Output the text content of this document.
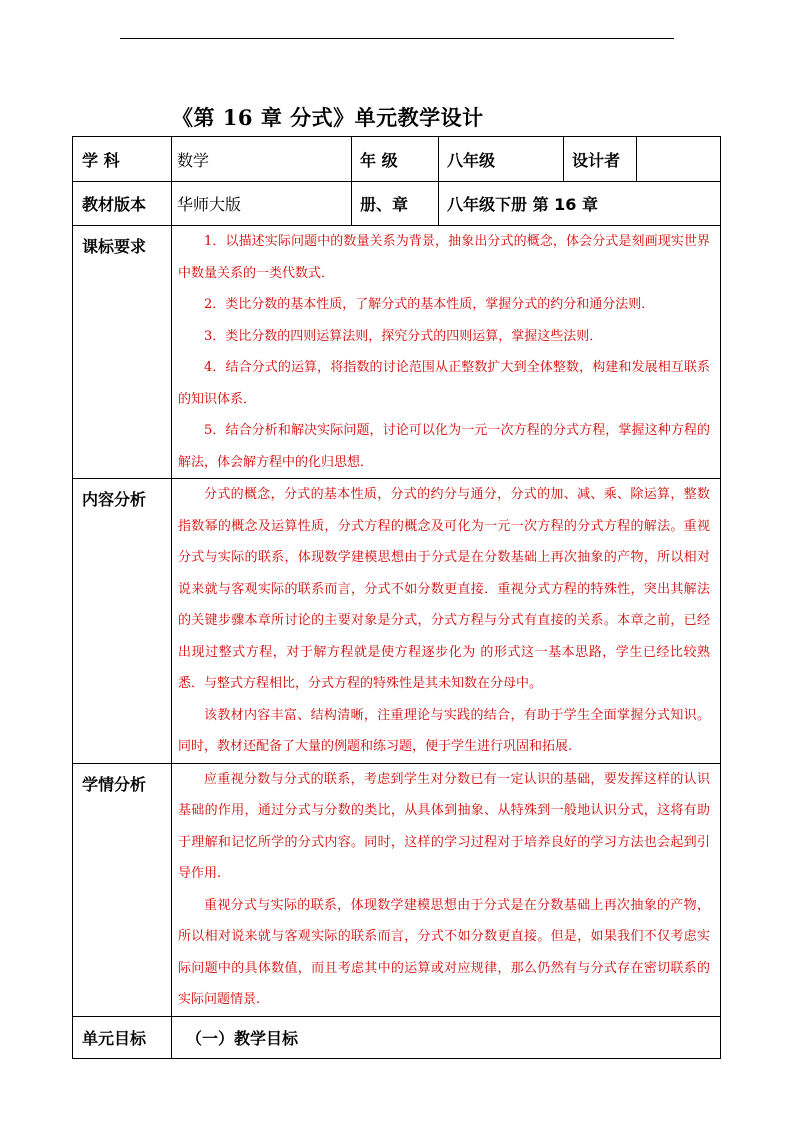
《第 16 章 分式》单元教学设计
学 科	数学	年 级	八年级	设计者	
教材版本	华师大版	册、章	八年级下册 第 16 章		
课标要求	1．以描述实际问题中的数量关系为背景，抽象出分式的概念，体会分式是刻画现实世界中数量关系的一类代数式．

2．类比分数的基本性质，了解分式的基本性质，掌握分式的约分和通分法则．

3．类比分数的四则运算法则，探究分式的四则运算，掌握这些法则．

4．结合分式的运算，将指数的讨论范围从正整数扩大到全体整数，构建和发展相互联系的知识体系．

5．结合分析和解决实际问题，讨论可以化为一元一次方程的分式方程，掌握这种方程的解法，体会解方程中的化归思想．				

内容分析	分式的概念，分式的基本性质，分式的约分与通分，分式的加、减、乘、除运算，整数指数幂的概念及运算性质，分式方程的概念及可化为一元一次方程的分式方程的解法。重视分式与实际的联系，体现数学建模思想由于分式是在分数基础上再次抽象的产物，所以相对说来就与客观实际的联系而言，分式不如分数更直接．重视分式方程的特殊性，突出其解法的关键步骤本章所讨论的主要对象是分式，分式方程与分式有直接的关系。本章之前，已经出现过整式方程，对于解方程就是使方程逐步化为 的形式这一基本思路，学生已经比较熟悉．与整式方程相比，分式方程的特殊性是其未知数在分母中。

该教材内容丰富、结构清晰，注重理论与实践的结合，有助于学生全面掌握分式知识。同时，教材还配备了大量的例题和练习题，便于学生进行巩固和拓展.				

学情分析	应重视分数与分式的联系，考虑到学生对分数已有一定认识的基础，要发挥这样的认识基础的作用，通过分式与分数的类比，从具体到抽象、从特殊到一般地认识分式，这将有助于理解和记忆所学的分式内容。同时，这样的学习过程对于培养良好的学习方法也会起到引导作用.

重视分式与实际的联系，体现数学建模思想由于分式是在分数基础上再次抽象的产物，所以相对说来就与客观实际的联系而言，分式不如分数更直接。但是，如果我们不仅考虑实际问题中的具体数值，而且考虑其中的运算或对应规律，那么仍然有与分式存在密切联系的实际问题情景.				

单元目标	（一）教学目标				
